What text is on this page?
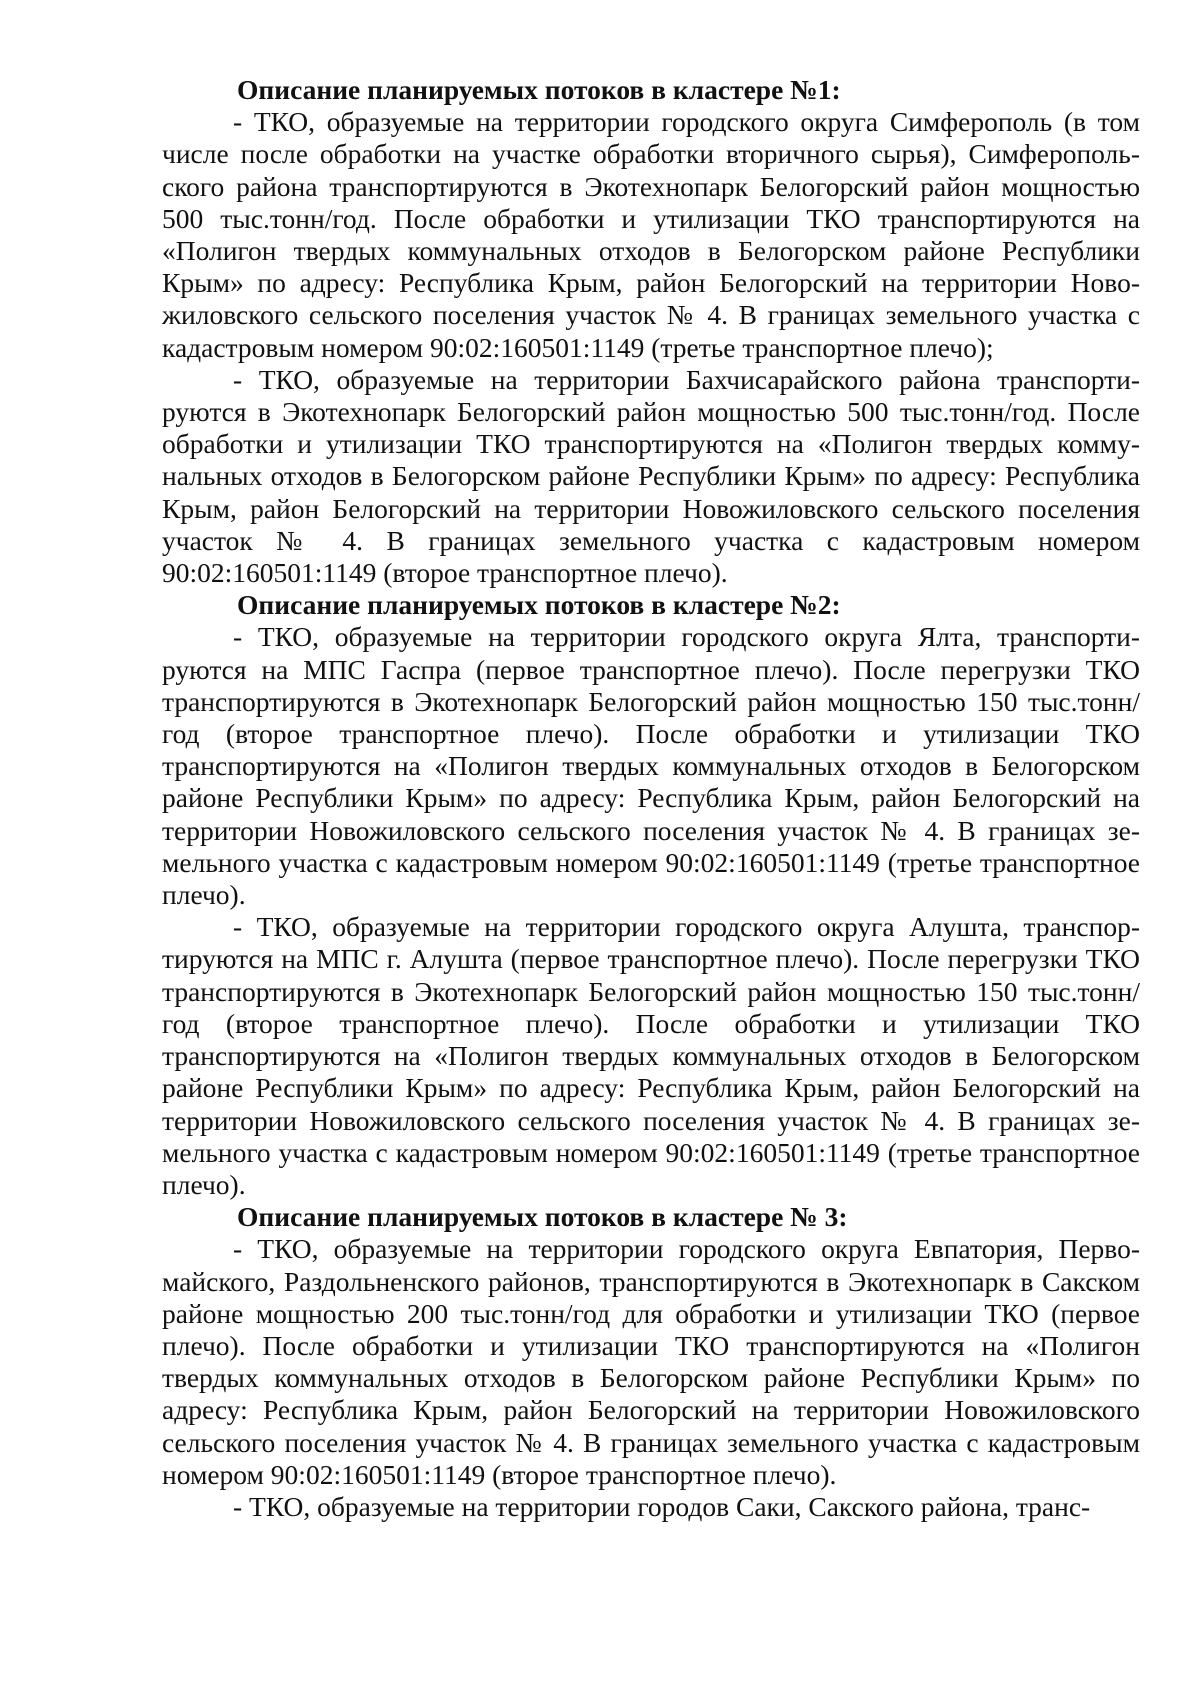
Описание планируемых потоков в кластере №1:

- ТКО, образуемые на территории городского округа Симферополь (в том числе после обработки на участке обработки вторичного сырья), Симферопольского района транспортируются в Экотехнопарк Белогорский район мощностью 500 тыс.тонн/год. После обработки и утилизации ТКО транспортируются на «Полигон твердых коммунальных отходов в Белогорском районе Республики Крым» по адресу: Республика Крым, район Белогорский на территории Новожиловского сельского поселения участок № 4. В границах земельного участка с кадастровым номером 90:02:160501:1149 (третье транспортное плечо);

- ТКО, образуемые на территории Бахчисарайского района транспортируются в Экотехнопарк Белогорский район мощностью 500 тыс.тонн/год. После обработки и утилизации ТКО транспортируются на «Полигон твердых коммунальных отходов в Белогорском районе Республики Крым» по адресу: Республика Крым, район Белогорский на территории Новожиловского сельского поселения участок № 4. В границах земельного участка с кадастровым номером 90:02:160501:1149 (второе транспортное плечо).

Описание планируемых потоков в кластере №2:

- ТКО, образуемые на территории городского округа Ялта, транспортируются на МПС Гаспра (первое транспортное плечо). После перегрузки ТКО транспортируются в Экотехнопарк Белогорский район мощностью 150 тыс.тонн/год (второе транспортное плечо). После обработки и утилизации ТКО транспортируются на «Полигон твердых коммунальных отходов в Белогорском районе Республики Крым» по адресу: Республика Крым, район Белогорский на территории Новожиловского сельского поселения участок № 4. В границах земельного участка с кадастровым номером 90:02:160501:1149 (третье транспортное плечо).

- ТКО, образуемые на территории городского округа Алушта, транспортируются на МПС г. Алушта (первое транспортное плечо). После перегрузки ТКО транспортируются в Экотехнопарк Белогорский район мощностью 150 тыс.тонн/год (второе транспортное плечо). После обработки и утилизации ТКО транспортируются на «Полигон твердых коммунальных отходов в Белогорском районе Республики Крым» по адресу: Республика Крым, район Белогорский на территории Новожиловского сельского поселения участок № 4. В границах земельного участка с кадастровым номером 90:02:160501:1149 (третье транспортное плечо).

Описание планируемых потоков в кластере № 3:

- ТКО, образуемые на территории городского округа Евпатория, Первомайского, Раздольненского районов, транспортируются в Экотехнопарк в Сакском районе мощностью 200 тыс.тонн/год для обработки и утилизации ТКО (первое плечо). После обработки и утилизации ТКО транспортируются на «Полигон твердых коммунальных отходов в Белогорском районе Республики Крым» по адресу: Республика Крым, район Белогорский на территории Новожиловского сельского поселения участок № 4. В границах земельного участка с кадастровым номером 90:02:160501:1149 (второе транспортное плечо).

- ТКО, образуемые на территории городов Саки, Сакского района, транс-
